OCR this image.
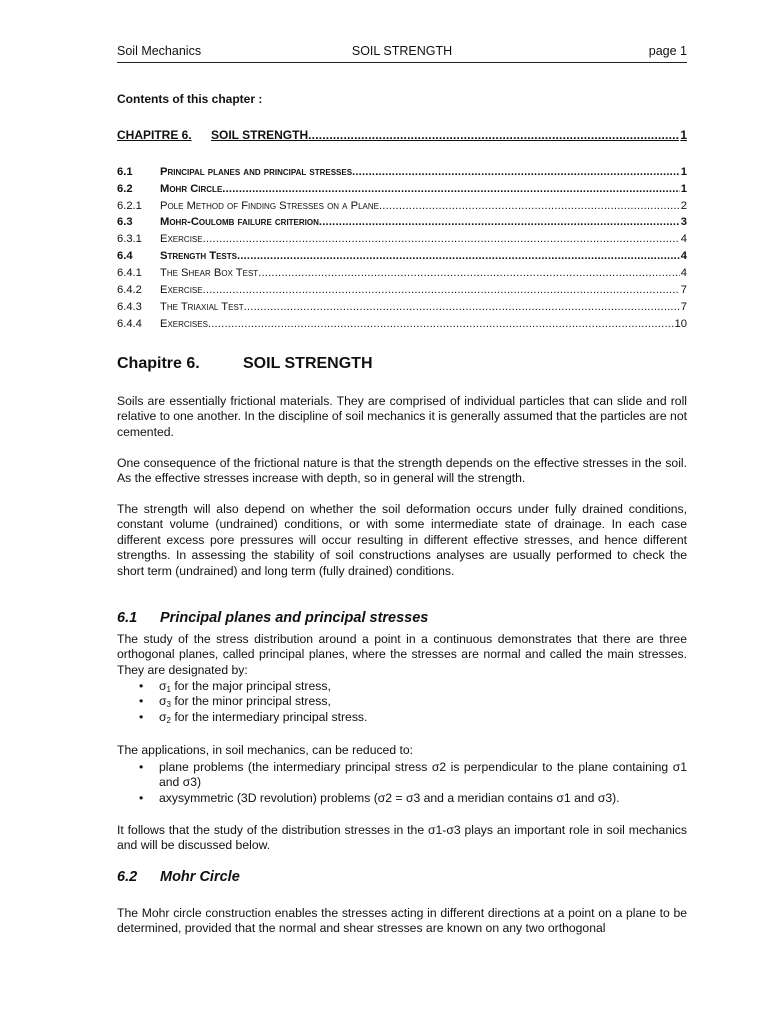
Soil Mechanics	SOIL STRENGTH	page 1
Contents of this chapter :
CHAPITRE 6.	SOIL STRENGTH .....	1
6.1	Principal planes and principal stresses .....	1
6.2	Mohr Circle .....	1
6.2.1	Pole Method of Finding Stresses on a Plane .....	2
6.3	Mohr-Coulomb failure criterion .....	3
6.3.1	Exercise .....	4
6.4	Strength Tests .....	4
6.4.1	The Shear Box Test .....	4
6.4.2	Exercise .....	7
6.4.3	The Triaxial Test .....	7
6.4.4	Exercises .....	10
Chapitre 6.	SOIL STRENGTH

Soils are essentially frictional materials. They are comprised of individual particles that can slide and roll relative to one another. In the discipline of soil mechanics it is generally assumed that the particles are not cemented.

One consequence of the frictional nature is that the strength depends on the effective stresses in the soil. As the effective stresses increase with depth, so in general will the strength.

The strength will also depend on whether the soil deformation occurs under fully drained conditions, constant volume (undrained) conditions, or with some intermediate state of drainage. In each case different excess pore pressures will occur resulting in different effective stresses, and hence different strengths. In assessing the stability of soil constructions analyses are usually performed to check the short term (undrained) and long term (fully drained) conditions.

6.1 Principal planes and principal stresses

The study of the stress distribution around a point in a continuous demonstrates that there are three orthogonal planes, called principal planes, where the stresses are normal and called the main stresses. They are designated by:

• $\sigma_1$ for the major principal stress,
• $\sigma_3$ for the minor principal stress,
• $\sigma_2$ for the intermediary principal stress.

The applications, in soil mechanics, can be reduced to:

• plane problems (the intermediary principal stress σ2 is perpendicular to the plane containing σ1 and σ3)
• axysymmetric (3D revolution) problems (σ2 = σ3 and a meridian contains σ1 and σ3).

It follows that the study of the distribution stresses in the σ1-σ3 plays an important role in soil mechanics and will be discussed below.

6.2 Mohr Circle

The Mohr circle construction enables the stresses acting in different directions at a point on a plane to be determined, provided that the normal and shear stresses are known on any two orthogonal
